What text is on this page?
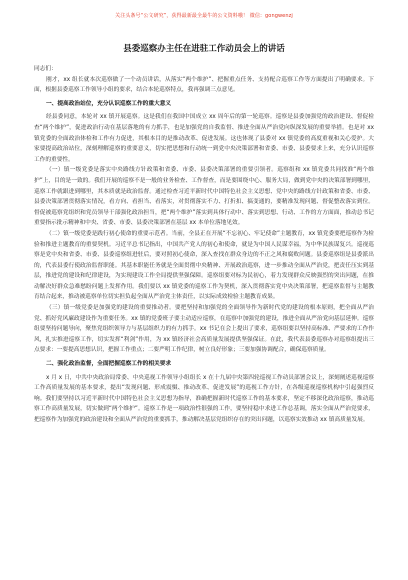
关注头条号“公文研究”，获得最新最全最牛的公文资料哦！ 微信：gongwenzj
县委巡察办主任在进驻工作动员会上的讲话

同志们：

刚才，xx 组长就本次巡察做了一个动员讲话，从落实“两个维护”、把握重点任务、支持配合巡察工作等方面提出了明确要求。下面，根据县委巡察工作领导小组的要求，结合本轮巡察特点，我再强调三点意见。

一、提高政治站位，充分认识巡察工作的重大意义

经县委同意，本轮对 xx 镇开展巡察。这是我们在我国中国成立 xx 周年后的第一轮巡察。巡察是县委加强党的政治建设、督促检查“两个维护”，促进政治行动在基层落地的有力抓手，也是加强党的自我监督、推进全面从严治党向纵深发展的重要举措。也是对 xx 镇党委的全面政治体检和工作有力促进，其根本目的是推动改革、促进发展。这也体现了县委对 xx 镇党委的高度重视和关心爱护。大家要提高政治站位，深刻理解巡察的重要意义，切实把思想和行动统一到党中央决策部署和省委、市委、县委要求上来，充分认识巡察工作的重要性。

（一）镇一级党委是落实中央路线方针政策和省委、市委、县委决策部署的重要引领者。巡察组和 xx 镇党委共同找准“两个维护”上，目的是一致的。我们开展的巡察不是一般的业务检查、工作督查，而是要围绕中心、服务大局，做到党中央的决策部署到哪里，巡察工作就跟进到哪里，其本质就是政治监督。通过检查习近平新时代中国特色社会主义思想、党中央的路线方针政策和省委、市委、县委决策部署贯彻落实情况，看方向、看担当、看落实，对贯彻落实不力、打折扣、搞变通的，要精准发现问题、督促整改落实到位。督促被巡察党组织和党员领导干部强化政治担当，把“两个维护”落实到具体行动中、落实到思想、行动、工作的方方面面，推动总书记重要指示批示精神和中央、省委、市委、县委决策部署在基层 xx 本单位落地见效。

（二）镇一级党委是践行初心使命的重要示范者。当前，全县正在开展“不忘初心、牢记使命”主题教育，xx 镇党委要把巡察作为检验和推进主题教育的重要契机。习近平总书记指出，中国共产党人的初心和使命，就是为中国人民谋幸福，为中华民族谋复兴。巡视巡察是党中央和省委、市委、县委巡察组进驻后，要对照初心使命，深入查找在群众身边的不正之风和腐败问题。县委巡察组是县委派出的，代表县委行使政治监督职能。其基本职能任务就是全面贯彻中央精神、开展政治巡察，进一步推动全面从严治党，把责任压实到基层，推进党的建设和纪律建设，为实现建设工作全局提供坚强保障。巡察组要对标为民初心，着力发现群众反映强烈的突出问题，在推动解决好群众急难愁盼问题上发挥作用。我们要以 xx 镇党委的巡察工作为契机，深入贯彻落实党中央决策部署，把巡察监督与主题教育结合起来，推动被巡察单位切实担负起全面从严治党主体责任，以实际成效检验主题教育成果。

（三）镇一级党委是加强党的建设的重要推动者。要把坚持和加强党的全面领导作为新时代党的建设的根本原则，把全面从严治党、抓好党风廉政建设作为重要任务。xx 镇的党委班子要主动适应巡察，在巡察中加强党的建设，推进全面从严治党向基层延伸。巡察组要坚持问题导向，聚焦党组织领导力与基层组织力的有力抓手。xx 书记在会上提出了要求，巡察组要以坚持高标准、严要求的工作作风，扎实推进巡察工作，切实发挥“利剑”作用，为 xx 镇经济社会高质量发展提供坚强保证。在此，我代表县委巡察办对巡察组提出三点要求：一要提高思想认识，把握工作重点；二要严明工作纪律，树立良好形象；三要加强协调配合，确保巡察质量。

二、强化政治监督，全面把握巡察工作的相关要求

x 月 x 日，中共中央政治局常委、中央巡视工作领导小组组长 x 在十九届中央第四轮巡视工作动员部署会议上，深刻阐述巡视巡察工作高质量发展的基本要求，提出“发现问题、形成震慑、推动改革、促进发展”的巡视工作方针，在各级巡视巡察机构中引起强烈反响。我们要坚持以习近平新时代中国特色社会主义思想为指导，准确把握新时代巡察工作的基本要求，坚定不移深化政治巡察，推动巡察工作高质量发展，切实做到“两个维护”。巡察工作是一项政治性很强的工作，要坚持稳中求进工作总基调，落实全面从严治党要求，把巡察作为加强党的政治建设和全面从严治党的重要抓手，推动解决基层党组织存在的突出问题，以巡察实效推动 xx 镇高质量发展。
